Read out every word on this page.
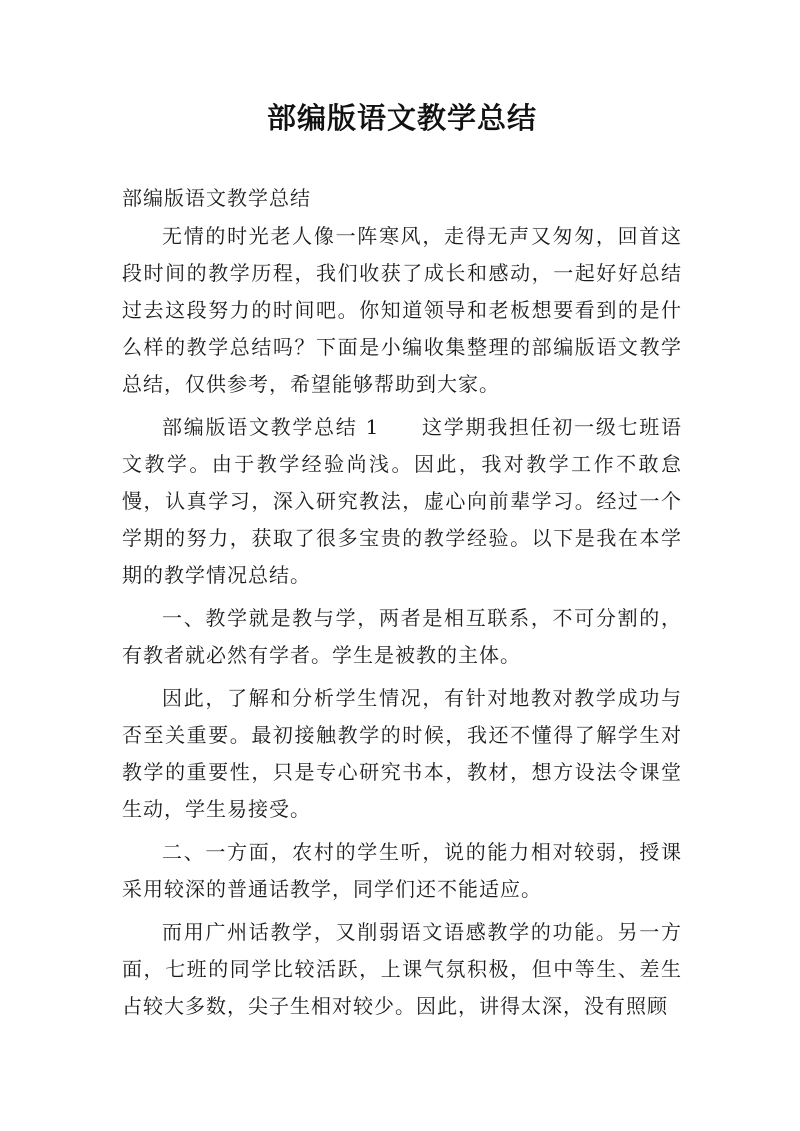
部编版语文教学总结
部编版语文教学总结

无情的时光老人像一阵寒风，走得无声又匆匆，回首这段时间的教学历程，我们收获了成长和感动，一起好好总结过去这段努力的时间吧。你知道领导和老板想要看到的是什么样的教学总结吗？下面是小编收集整理的部编版语文教学总结，仅供参考，希望能够帮助到大家。

部编版语文教学总结 1 这学期我担任初一级七班语文教学。由于教学经验尚浅。因此，我对教学工作不敢怠慢，认真学习，深入研究教法，虚心向前辈学习。经过一个学期的努力，获取了很多宝贵的教学经验。以下是我在本学期的教学情况总结。

一、教学就是教与学，两者是相互联系，不可分割的，有教者就必然有学者。学生是被教的主体。

因此，了解和分析学生情况，有针对地教对教学成功与否至关重要。最初接触教学的时候，我还不懂得了解学生对教学的重要性，只是专心研究书本，教材，想方设法令课堂生动，学生易接受。

二、一方面，农村的学生听，说的能力相对较弱，授课采用较深的普通话教学，同学们还不能适应。

而用广州话教学，又削弱语文语感教学的功能。另一方面，七班的同学比较活跃，上课气氛积极，但中等生、差生占较大多数，尖子生相对较少。因此，讲得太深，没有照顾
